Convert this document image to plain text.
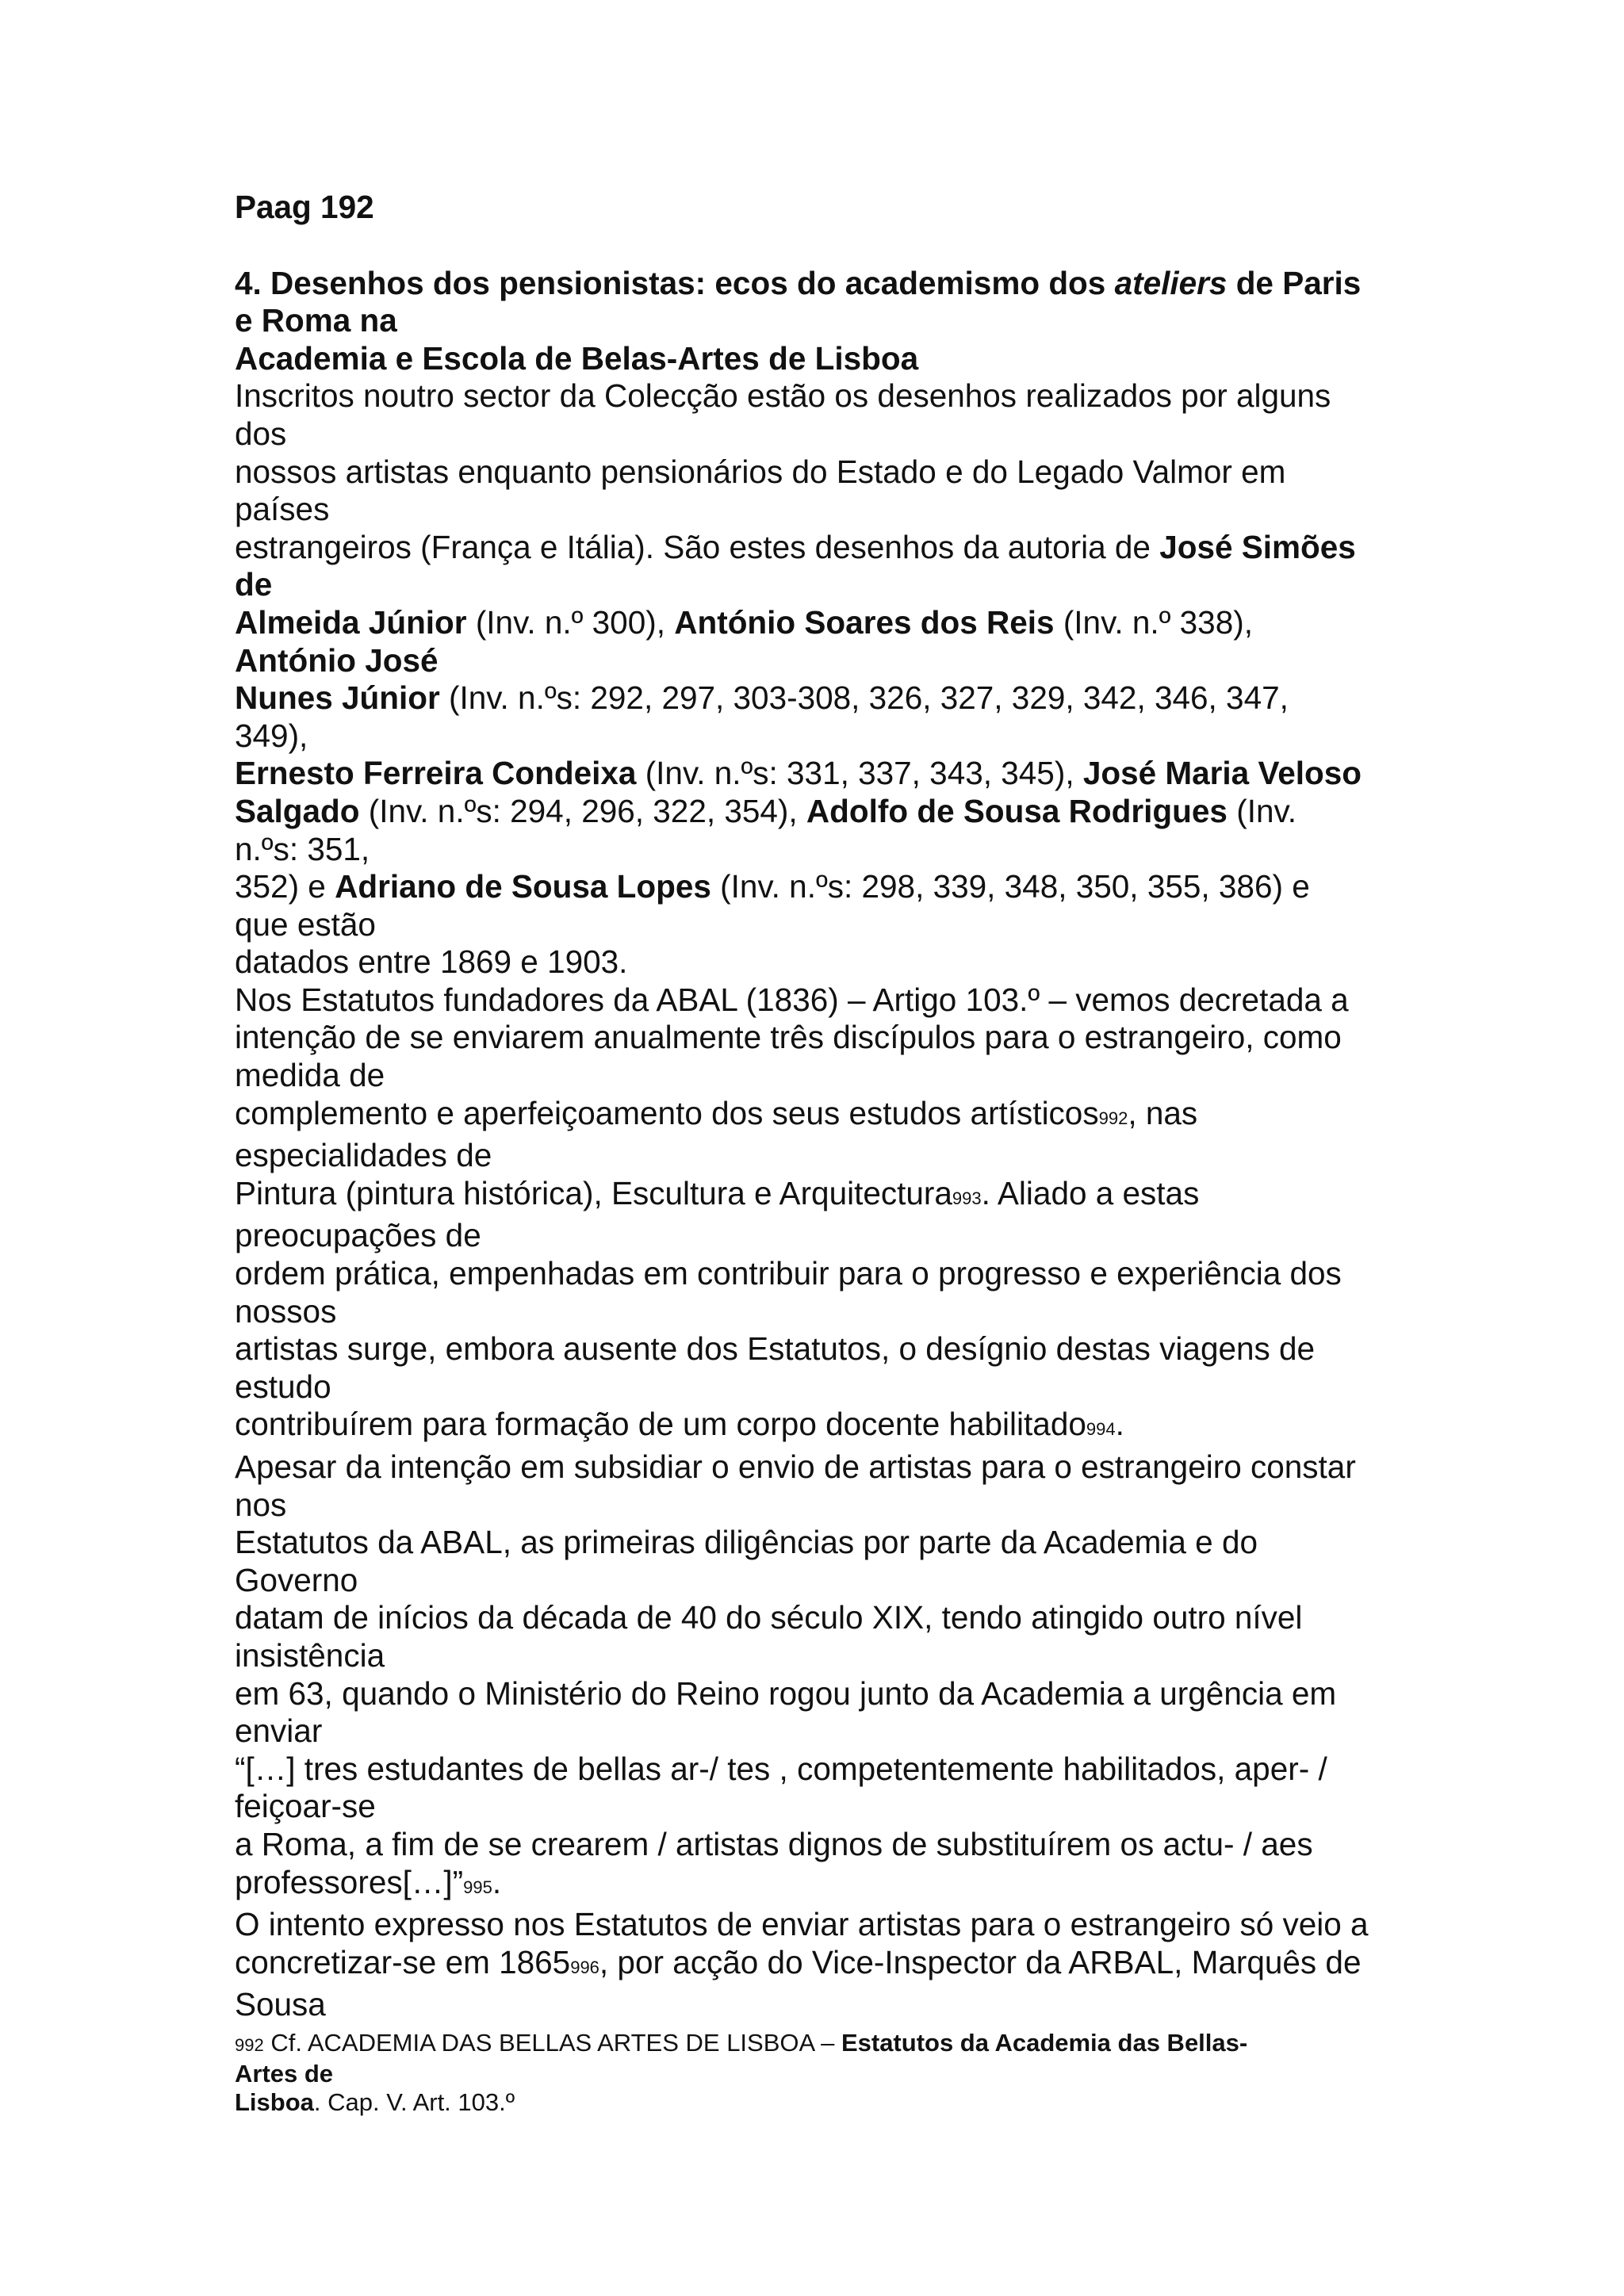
Paag 192
4. Desenhos dos pensionistas: ecos do academismo dos ateliers de Paris
e Roma na
Academia e Escola de Belas-Artes de Lisboa
Inscritos noutro sector da Colecção estão os desenhos realizados por alguns
dos
nossos artistas enquanto pensionários do Estado e do Legado Valmor em
países
estrangeiros (França e Itália). São estes desenhos da autoria de José Simões
de
Almeida Júnior (Inv. n.º 300), António Soares dos Reis (Inv. n.º 338),
António José
Nunes Júnior (Inv. n.ºs: 292, 297, 303-308, 326, 327, 329, 342, 346, 347,
349),
Ernesto Ferreira Condeixa (Inv. n.ºs: 331, 337, 343, 345), José Maria Veloso
Salgado (Inv. n.ºs: 294, 296, 322, 354), Adolfo de Sousa Rodrigues (Inv.
n.ºs: 351,
352) e Adriano de Sousa Lopes (Inv. n.ºs: 298, 339, 348, 350, 355, 386) e
que estão
datados entre 1869 e 1903.
Nos Estatutos fundadores da ABAL (1836) – Artigo 103.º – vemos decretada a
intenção de se enviarem anualmente três discípulos para o estrangeiro, como
medida de
complemento e aperfeiçoamento dos seus estudos artísticos992, nas
especialidades de
Pintura (pintura histórica), Escultura e Arquitectura993. Aliado a estas
preocupações de
ordem prática, empenhadas em contribuir para o progresso e experiência dos
nossos
artistas surge, embora ausente dos Estatutos, o desígnio destas viagens de
estudo
contribuírem para formação de um corpo docente habilitado994.
Apesar da intenção em subsidiar o envio de artistas para o estrangeiro constar
nos
Estatutos da ABAL, as primeiras diligências por parte da Academia e do
Governo
datam de inícios da década de 40 do século XIX, tendo atingido outro nível
insistência
em 63, quando o Ministério do Reino rogou junto da Academia a urgência em
enviar
“[…] tres estudantes de bellas ar-/ tes , competentemente habilitados, aper- /
feiçoar-se
a Roma, a fim de se crearem / artistas dignos de substituírem os actu- / aes
professores[…]”995.
O intento expresso nos Estatutos de enviar artistas para o estrangeiro só veio a
concretizar-se em 1865996, por acção do Vice-Inspector da ARBAL, Marquês de
Sousa
992 Cf. ACADEMIA DAS BELLAS ARTES DE LISBOA – Estatutos da Academia das Bellas-
Artes de
Lisboa. Cap. V. Art. 103.º
